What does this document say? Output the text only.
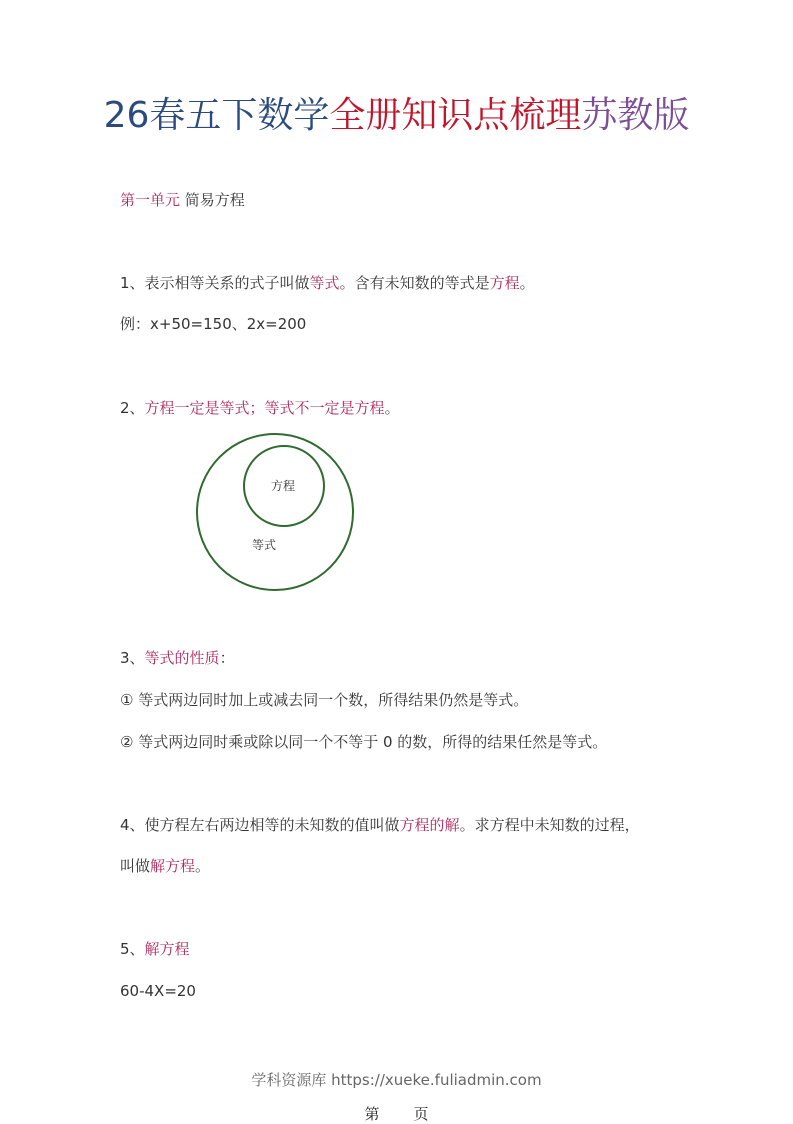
26春五下数学全册知识点梳理苏教版
第一单元 简易方程
1、表示相等关系的式子叫做等式。含有未知数的等式是方程。
例：x+50=150、2x=200
2、方程一定是等式；等式不一定是方程。
方程
等式
3、等式的性质：
① 等式两边同时加上或减去同一个数，所得结果仍然是等式。
② 等式两边同时乘或除以同一个不等于 0 的数，所得的结果任然是等式。
4、使方程左右两边相等的未知数的值叫做方程的解。求方程中未知数的过程，
叫做解方程。
5、解方程
60-4X=20
学科资源库 https://xueke.fuliadmin.com
第 页
